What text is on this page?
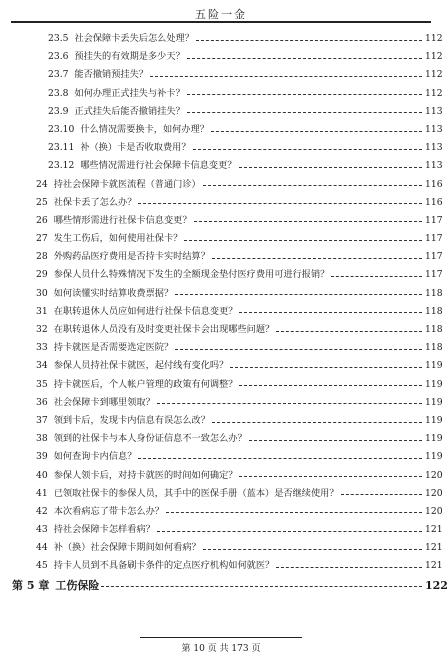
五险一金
23.5 社会保障卡丢失后怎么处理？	112
23.6 预挂失的有效期是多少天？	112
23.7 能否撤销预挂失？	112
23.8 如何办理正式挂失与补卡？	112
23.9 正式挂失后能否撤销挂失？	113
23.10 什么情况需要换卡，如何办理？	113
23.11 补（换）卡是否收取费用？	113
23.12 哪些情况需进行社会保障卡信息变更？	113
24 持社会保障卡就医流程（普通门诊）	116
25 社保卡丢了怎么办？	116
26 哪些情形需进行社保卡信息变更？	117
27 发生工伤后，如何使用社保卡？	117
28 外购药品医疗费用是否持卡实时结算？	117
29 参保人员什么特殊情况下发生的全额现金垫付医疗费用可进行报销？	117
30 如何读懂实时结算收费票据？	118
31 在职转退休人员应如何进行社保卡信息变更？	118
32 在职转退休人员没有及时变更社保卡会出现哪些问题？	118
33 持卡就医是否需要选定医院？	118
34 参保人员持社保卡就医，起付线有变化吗？	119
35 持卡就医后，个人帐户管理的政策有何调整？	119
36 社会保障卡到哪里领取？	119
37 领到卡后，发现卡内信息有误怎么改？	119
38 领到的社保卡与本人身份证信息不一致怎么办？	119
39 如何查询卡内信息？	119
40 参保人领卡后，对持卡就医的时间如何确定？	120
41 已领取社保卡的参保人员，其手中的医保手册（蓝本）是否继续使用？	120
42 本次看病忘了带卡怎么办？	120
43 持社会保障卡怎样看病？	121
44 补（换）社会保障卡期间如何看病？	121
45 持卡人员到不具备刷卡条件的定点医疗机构如何就医？	121
第 5 章 工伤保险	122
第 10 页 共 173 页
